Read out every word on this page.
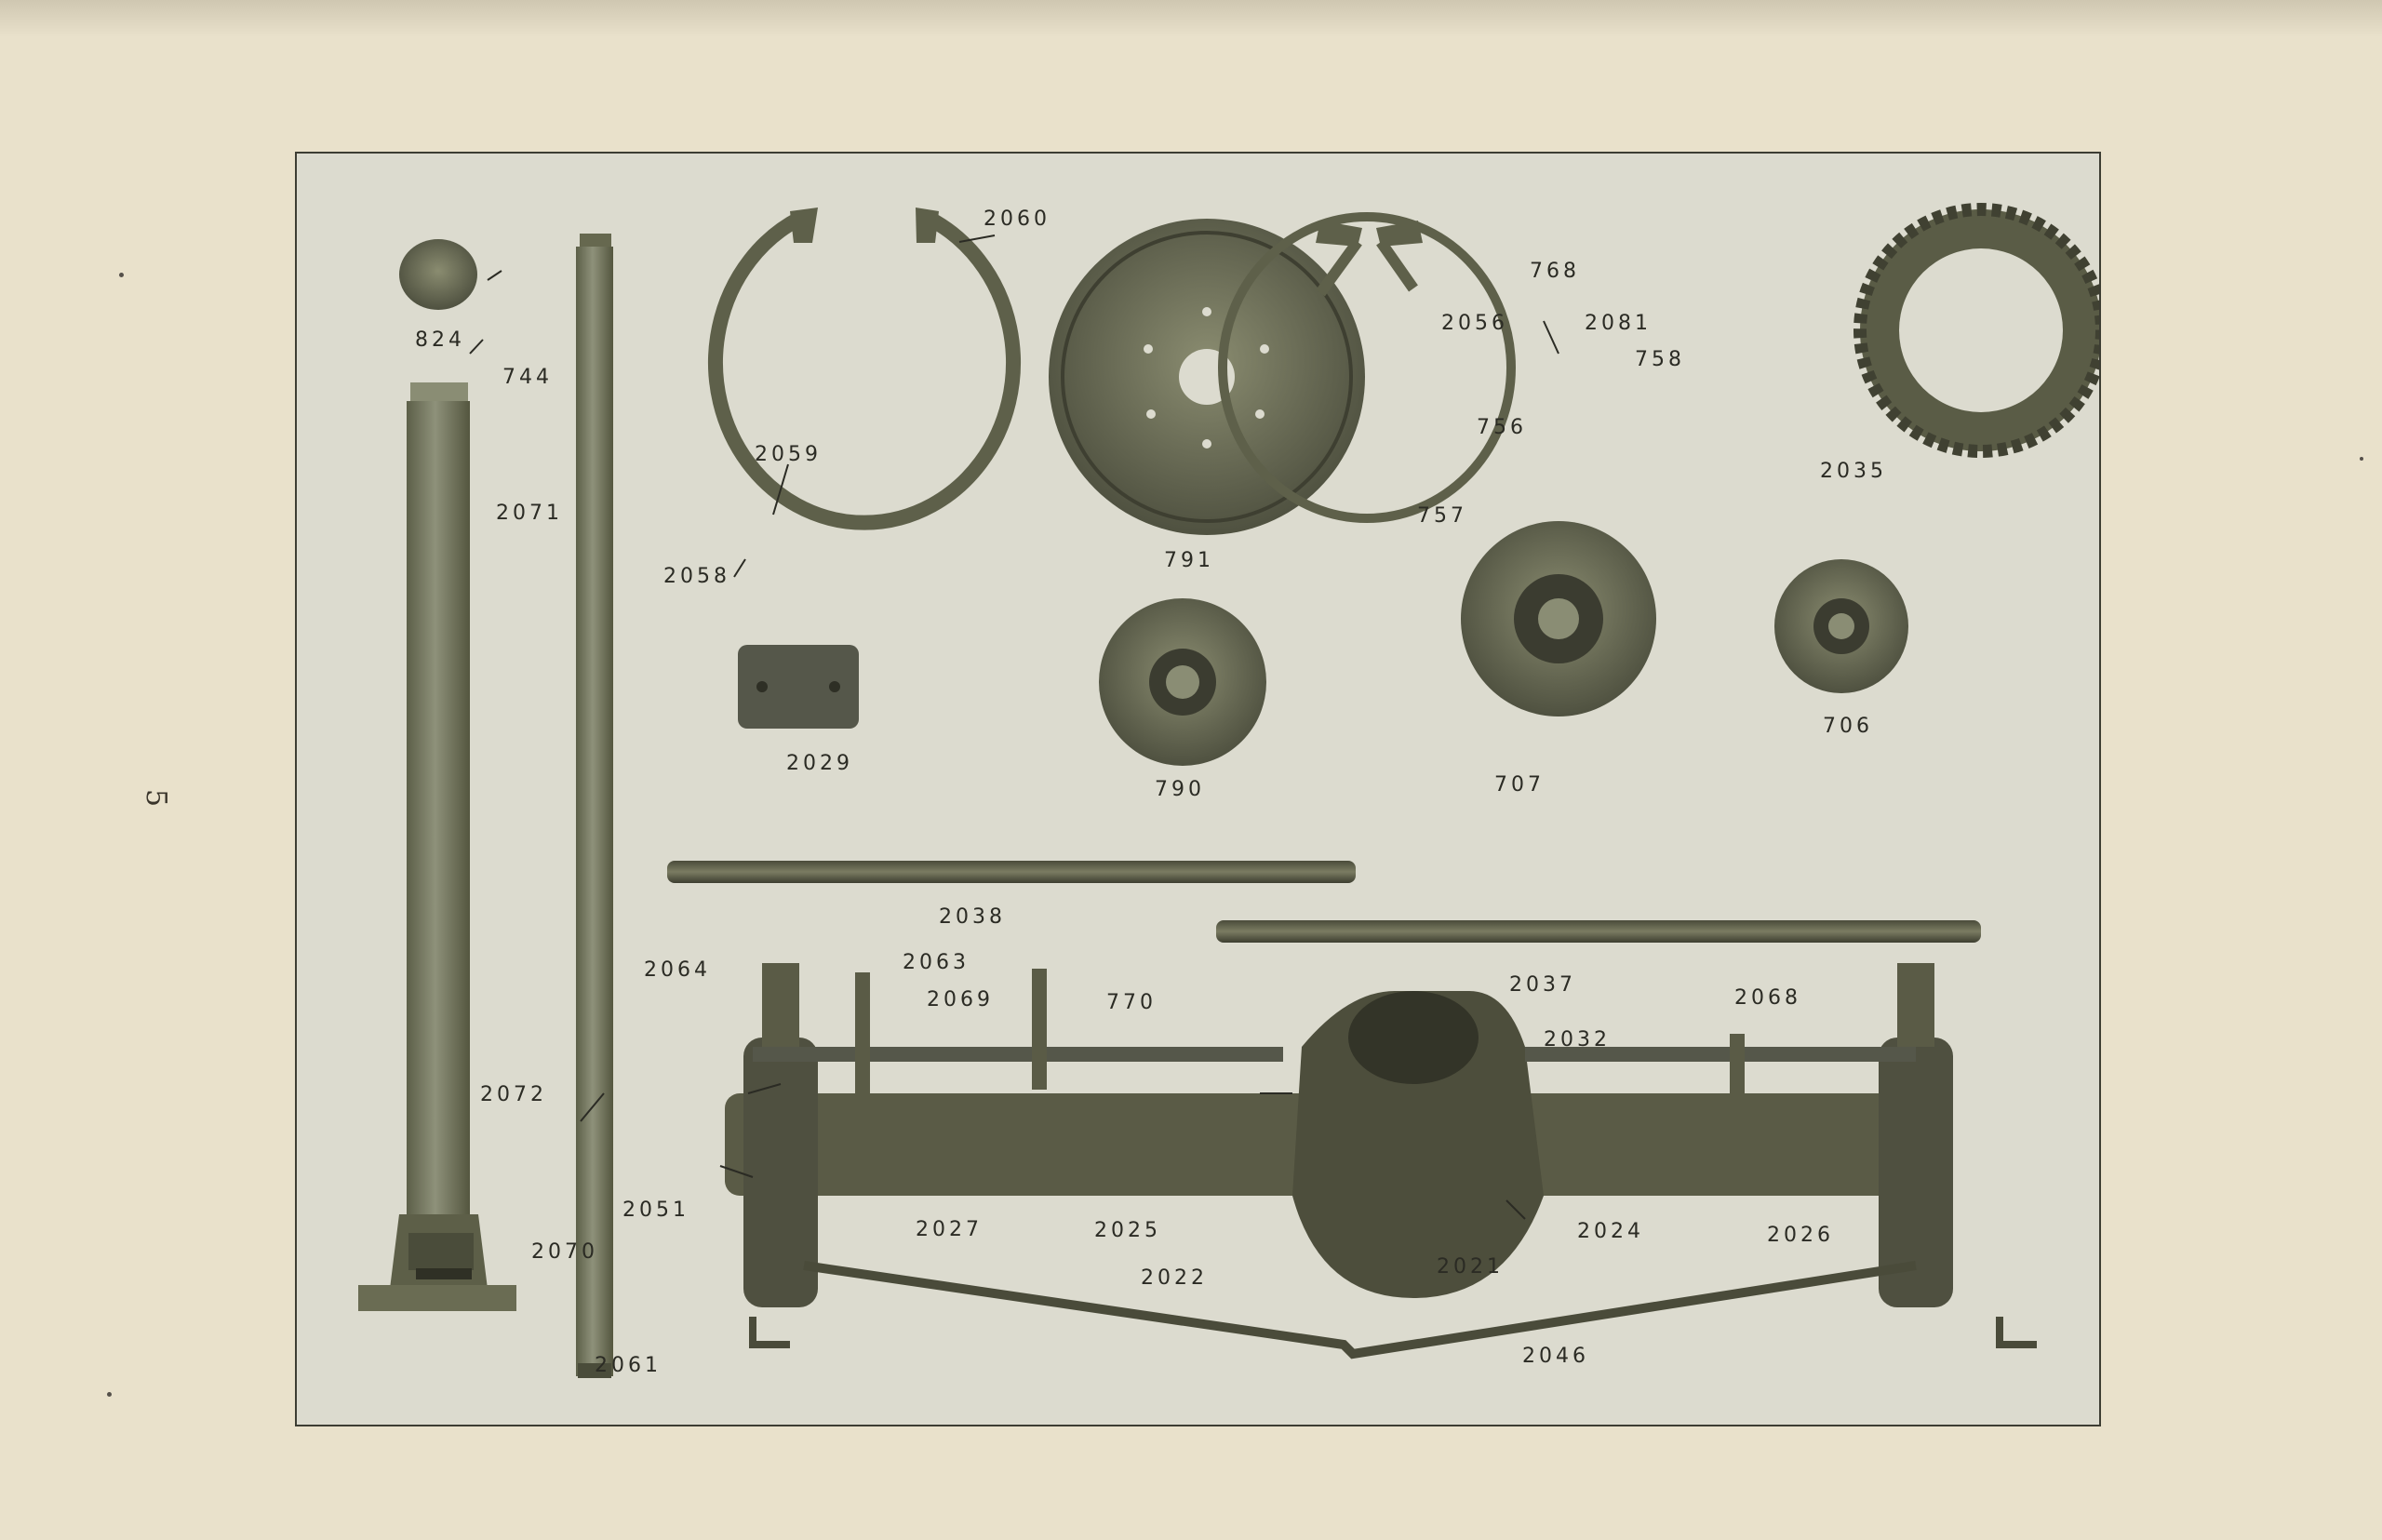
5
824
744
2071
2072
2070
2060
2059
2058
791
768
2056	2081
758
756
757
2035
2029
790	707
706
2038
2037
2064	2063
2069	770	2068
2032
2051
2027	2025
2022	2021
2024	2026
2061	2046
